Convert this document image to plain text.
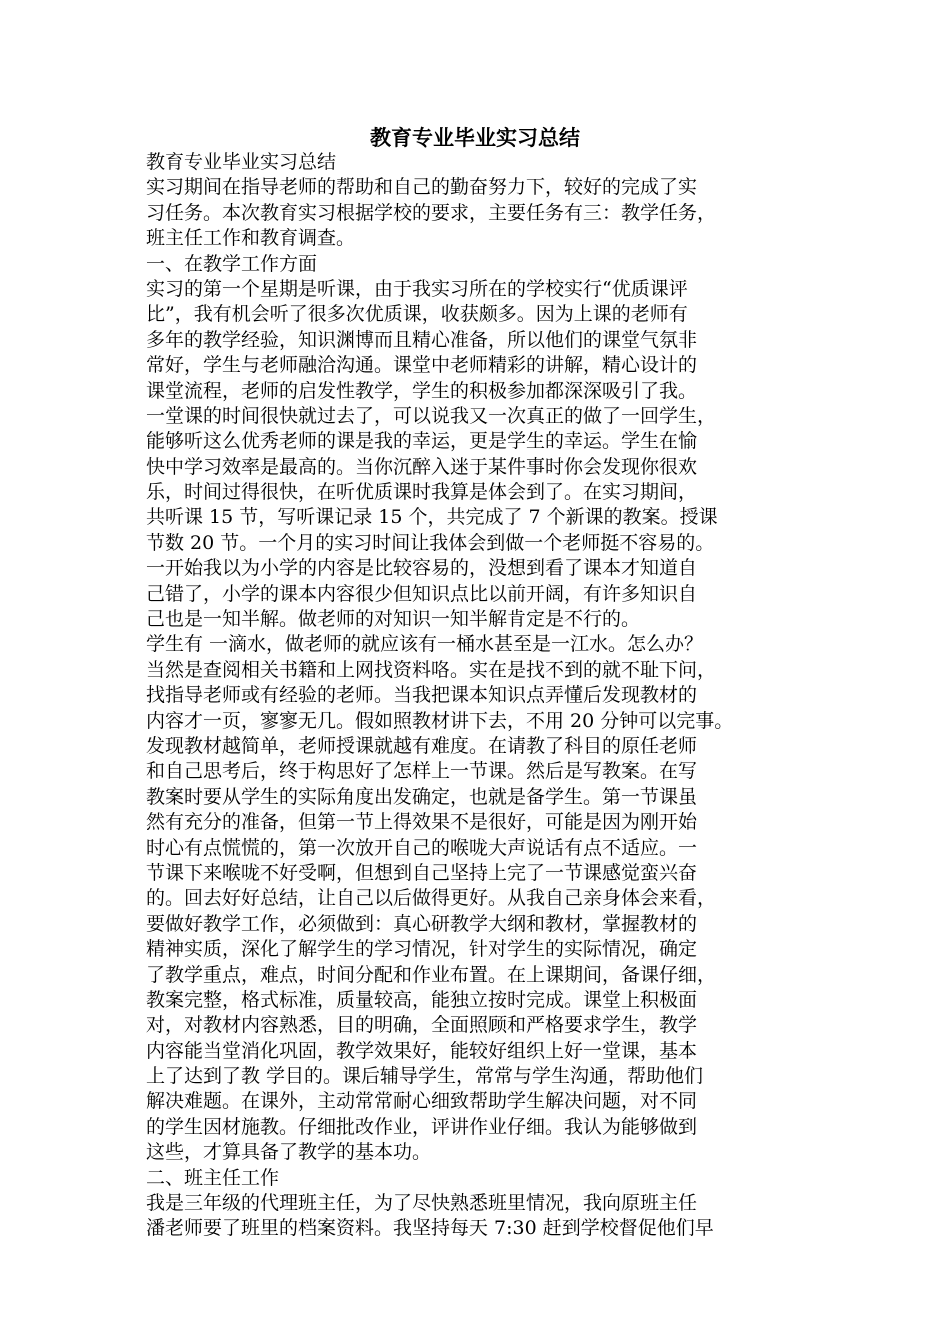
教育专业毕业实习总结
教育专业毕业实习总结
实习期间在指导老师的帮助和自己的勤奋努力下，较好的完成了实
习任务。本次教育实习根据学校的要求，主要任务有三：教学任务，
班主任工作和教育调查。
一、在教学工作方面
实习的第一个星期是听课，由于我实习所在的学校实行“优质课评
比”，我有机会听了很多次优质课，收获颇多。因为上课的老师有
多年的教学经验，知识渊博而且精心准备，所以他们的课堂气氛非
常好，学生与老师融洽沟通。课堂中老师精彩的讲解，精心设计的
课堂流程，老师的启发性教学，学生的积极参加都深深吸引了我。
一堂课的时间很快就过去了，可以说我又一次真正的做了一回学生，
能够听这么优秀老师的课是我的幸运，更是学生的幸运。学生在愉
快中学习效率是最高的。当你沉醉入迷于某件事时你会发现你很欢
乐，时间过得很快，在听优质课时我算是体会到了。在实习期间，
共听课 15 节，写听课记录 15 个，共完成了 7 个新课的教案。授课
节数 20 节。一个月的实习时间让我体会到做一个老师挺不容易的。
一开始我以为小学的内容是比较容易的，没想到看了课本才知道自
己错了，小学的课本内容很少但知识点比以前开阔，有许多知识自
己也是一知半解。做老师的对知识一知半解肯定是不行的。
学生有 一滴水，做老师的就应该有一桶水甚至是一江水。怎么办？
当然是查阅相关书籍和上网找资料咯。实在是找不到的就不耻下问，
找指导老师或有经验的老师。当我把课本知识点弄懂后发现教材的
内容才一页，寥寥无几。假如照教材讲下去，不用 20 分钟可以完事。
发现教材越简单，老师授课就越有难度。在请教了科目的原任老师
和自己思考后，终于构思好了怎样上一节课。然后是写教案。在写
教案时要从学生的实际角度出发确定，也就是备学生。第一节课虽
然有充分的准备，但第一节上得效果不是很好，可能是因为刚开始
时心有点慌慌的，第一次放开自己的喉咙大声说话有点不适应。一
节课下来喉咙不好受啊，但想到自己坚持上完了一节课感觉蛮兴奋
的。回去好好总结，让自己以后做得更好。从我自己亲身体会来看，
要做好教学工作，必须做到：真心研教学大纲和教材，掌握教材的
精神实质，深化了解学生的学习情况，针对学生的实际情况，确定
了教学重点，难点，时间分配和作业布置。在上课期间，备课仔细，
教案完整，格式标准，质量较高，能独立按时完成。课堂上积极面
对，对教材内容熟悉，目的明确，全面照顾和严格要求学生，教学
内容能当堂消化巩固，教学效果好，能较好组织上好一堂课，基本
上了达到了教 学目的。课后辅导学生，常常与学生沟通，帮助他们
解决难题。在课外，主动常常耐心细致帮助学生解决问题，对不同
的学生因材施教。仔细批改作业，评讲作业仔细。我认为能够做到
这些，才算具备了教学的基本功。
二、班主任工作
我是三年级的代理班主任，为了尽快熟悉班里情况，我向原班主任
潘老师要了班里的档案资料。我坚持每天 7:30 赶到学校督促他们早
